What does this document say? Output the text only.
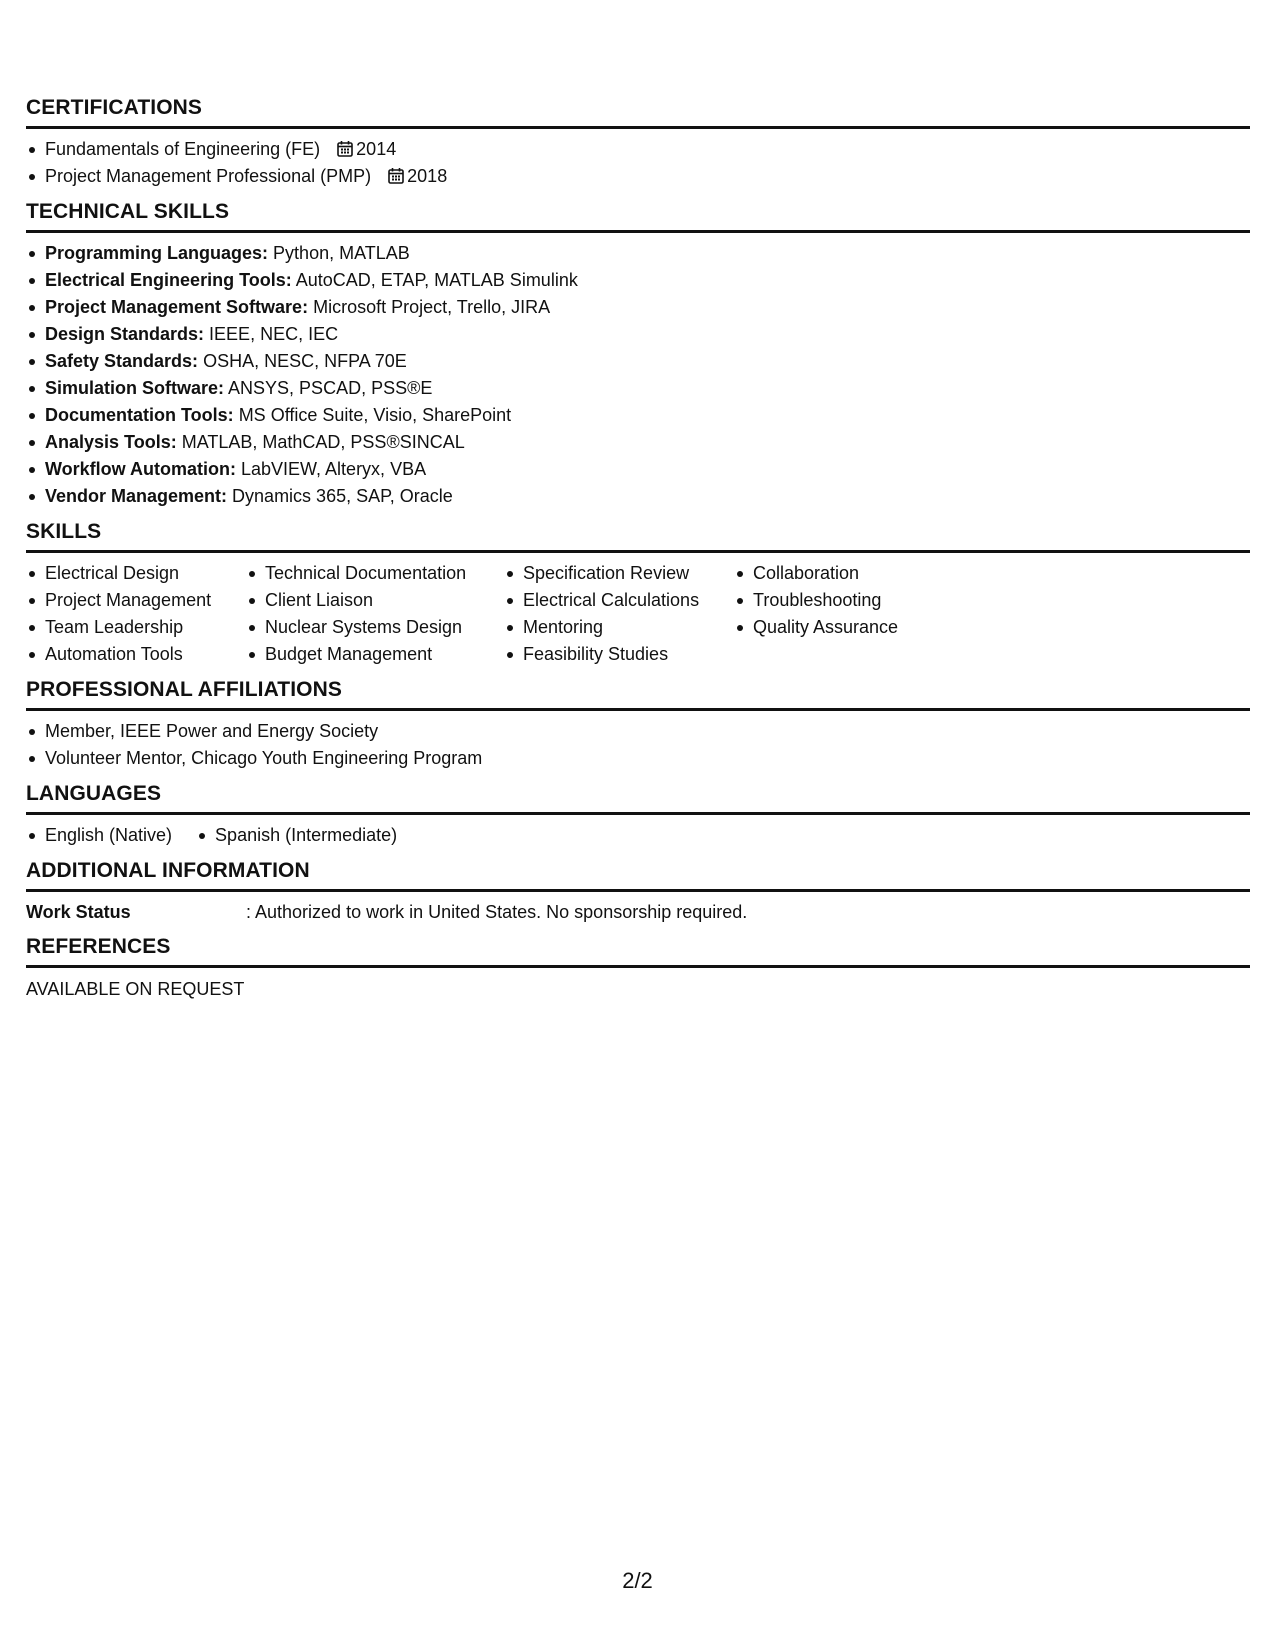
CERTIFICATIONS
Fundamentals of Engineering (FE) 2014
Project Management Professional (PMP) 2018
TECHNICAL SKILLS
Programming Languages: Python, MATLAB
Electrical Engineering Tools: AutoCAD, ETAP, MATLAB Simulink
Project Management Software: Microsoft Project, Trello, JIRA
Design Standards: IEEE, NEC, IEC
Safety Standards: OSHA, NESC, NFPA 70E
Simulation Software: ANSYS, PSCAD, PSS®E
Documentation Tools: MS Office Suite, Visio, SharePoint
Analysis Tools: MATLAB, MathCAD, PSS®SINCAL
Workflow Automation: LabVIEW, Alteryx, VBA
Vendor Management: Dynamics 365, SAP, Oracle
SKILLS
Electrical Design
Project Management
Team Leadership
Automation Tools
Technical Documentation
Client Liaison
Nuclear Systems Design
Budget Management
Specification Review
Electrical Calculations
Mentoring
Feasibility Studies
Collaboration
Troubleshooting
Quality Assurance
PROFESSIONAL AFFILIATIONS
Member, IEEE Power and Energy Society
Volunteer Mentor, Chicago Youth Engineering Program
LANGUAGES
English (Native)	Spanish (Intermediate)
ADDITIONAL INFORMATION
Work Status	: Authorized to work in United States. No sponsorship required.
REFERENCES
AVAILABLE ON REQUEST
2/2
